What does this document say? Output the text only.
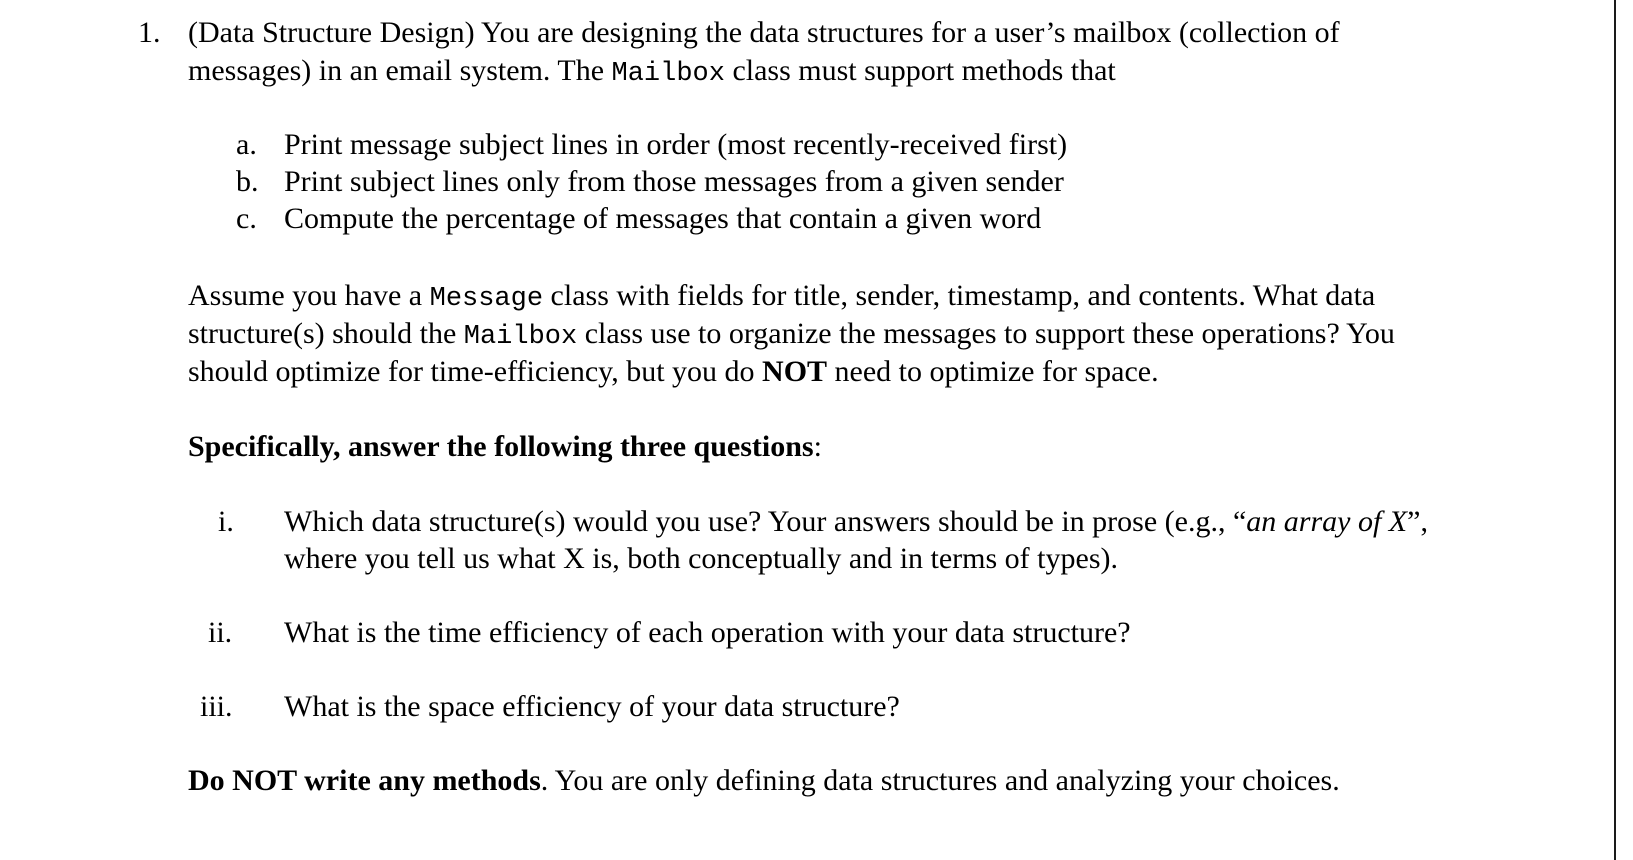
1. (Data Structure Design) You are designing the data structures for a user’s mailbox (collection of
messages) in an email system. The Mailbox class must support methods that
a. Print message subject lines in order (most recently-received first)
b. Print subject lines only from those messages from a given sender
c. Compute the percentage of messages that contain a given word
Assume you have a Message class with fields for title, sender, timestamp, and contents. What data
structure(s) should the Mailbox class use to organize the messages to support these operations? You
should optimize for time-efficiency, but you do NOT need to optimize for space.
Specifically, answer the following three questions:
i. Which data structure(s) would you use? Your answers should be in prose (e.g., “an array of X”,
where you tell us what X is, both conceptually and in terms of types).
ii. What is the time efficiency of each operation with your data structure?
iii. What is the space efficiency of your data structure?
Do NOT write any methods. You are only defining data structures and analyzing your choices.
